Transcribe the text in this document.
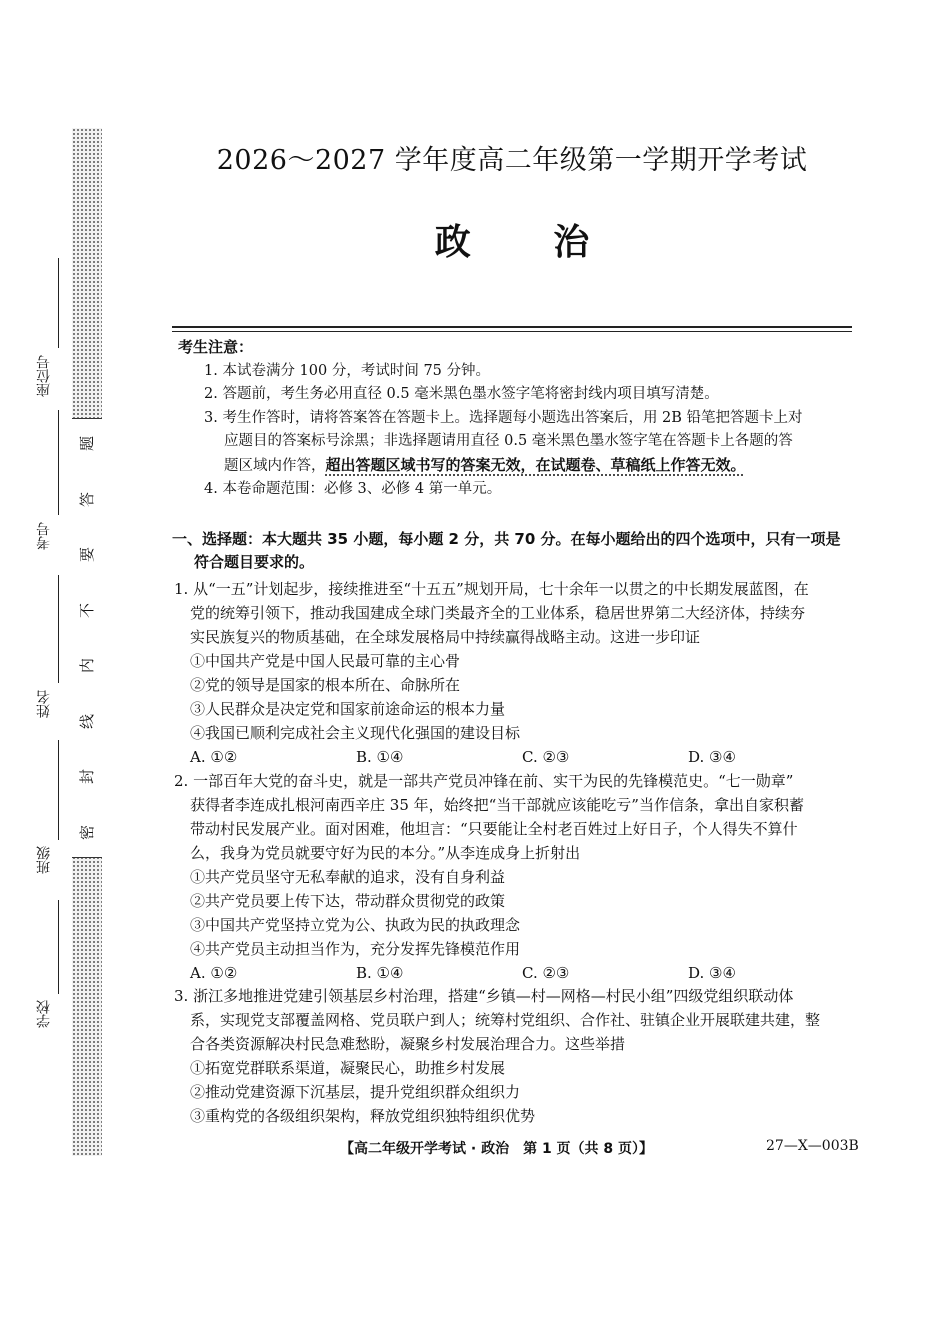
座位号
考号
姓名
班级
学校
题
答
要
不
内
线
封
密
2026～2027 学年度高二年级第一学期开学考试
政 治
考生注意：
1. 本试卷满分 100 分，考试时间 75 分钟。
2. 答题前，考生务必用直径 0.5 毫米黑色墨水签字笔将密封线内项目填写清楚。
3. 考生作答时，请将答案答在答题卡上。选择题每小题选出答案后，用 2B 铅笔把答题卡上对
应题目的答案标号涂黑；非选择题请用直径 0.5 毫米黑色墨水签字笔在答题卡上各题的答
题区域内作答，超出答题区域书写的答案无效，在试题卷、草稿纸上作答无效。
4. 本卷命题范围：必修 3、必修 4 第一单元。
一、选择题：本大题共 35 小题，每小题 2 分，共 70 分。在每小题给出的四个选项中，只有一项是
符合题目要求的。
1. 从“一五”计划起步，接续推进至“十五五”规划开局，七十余年一以贯之的中长期发展蓝图，在
党的统筹引领下，推动我国建成全球门类最齐全的工业体系，稳居世界第二大经济体，持续夯
实民族复兴的物质基础，在全球发展格局中持续赢得战略主动。这进一步印证
①中国共产党是中国人民最可靠的主心骨
②党的领导是国家的根本所在、命脉所在
③人民群众是决定党和国家前途命运的根本力量
④我国已顺利完成社会主义现代化强国的建设目标
A. ①②	B. ①④	C. ②③	D. ③④
2. 一部百年大党的奋斗史，就是一部共产党员冲锋在前、实干为民的先锋模范史。“七一勋章”
获得者李连成扎根河南西辛庄 35 年，始终把“当干部就应该能吃亏”当作信条，拿出自家积蓄
带动村民发展产业。面对困难，他坦言：“只要能让全村老百姓过上好日子，个人得失不算什
么，我身为党员就要守好为民的本分。”从李连成身上折射出
①共产党员坚守无私奉献的追求，没有自身利益
②共产党员要上传下达，带动群众贯彻党的政策
③中国共产党坚持立党为公、执政为民的执政理念
④共产党员主动担当作为，充分发挥先锋模范作用
A. ①②	B. ①④	C. ②③	D. ③④
3. 浙江多地推进党建引领基层乡村治理，搭建“乡镇—村—网格—村民小组”四级党组织联动体
系，实现党支部覆盖网格、党员联户到人；统筹村党组织、合作社、驻镇企业开展联建共建，整
合各类资源解决村民急难愁盼，凝聚乡村发展治理合力。这些举措
①拓宽党群联系渠道，凝聚民心，助推乡村发展
②推动党建资源下沉基层，提升党组织群众组织力
③重构党的各级组织架构，释放党组织独特组织优势
【高二年级开学考试 · 政治　第 1 页（共 8 页）】	27—X—003B
